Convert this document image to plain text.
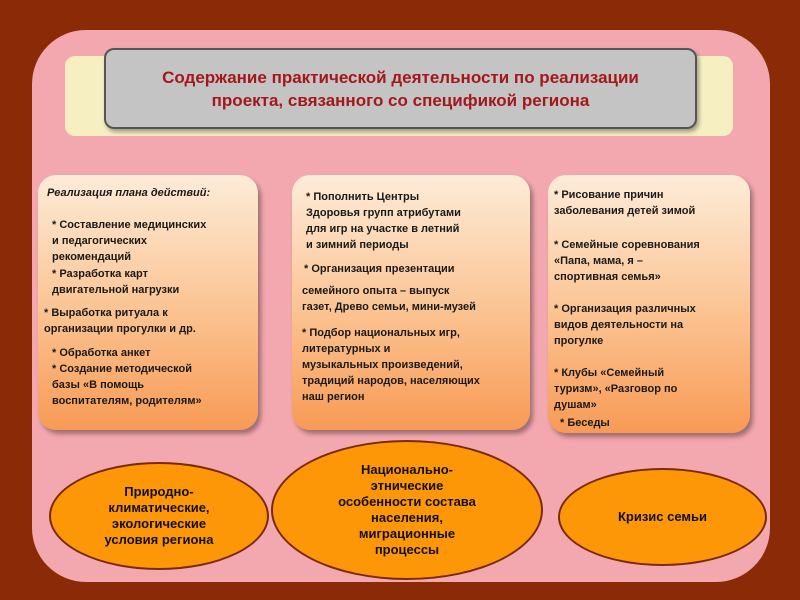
Содержание практической деятельности по реализации
проекта, связанного со спецификой региона

Реализация плана действий:

* Составление медицинских
и педагогических
рекомендаций

* Разработка карт
двигательной нагрузки

* Выработка ритуала к
организации прогулки и др.

* Обработка анкет
* Создание методической
базы «В помощь
воспитателям, родителям»

* Пополнить Центры
Здоровья групп атрибутами
для игр на участке в летний
и зимний периоды

* Организация презентации

семейного опыта – выпуск
газет, Древо семьи, мини-музей

* Подбор национальных игр,
литературных и
музыкальных произведений,
традиций народов, населяющих
наш регион

* Рисование причин
заболевания детей зимой

* Семейные соревнования
«Папа, мама, я –
спортивная семья»

* Организация различных
видов деятельности на
прогулке

* Клубы «Семейный
туризм», «Разговор по
душам»

* Беседы

Природно-
климатические,
экологические
условия региона
Национально-
этнические
особенности состава
населения,
миграционные
процессы
Кризис семьи
